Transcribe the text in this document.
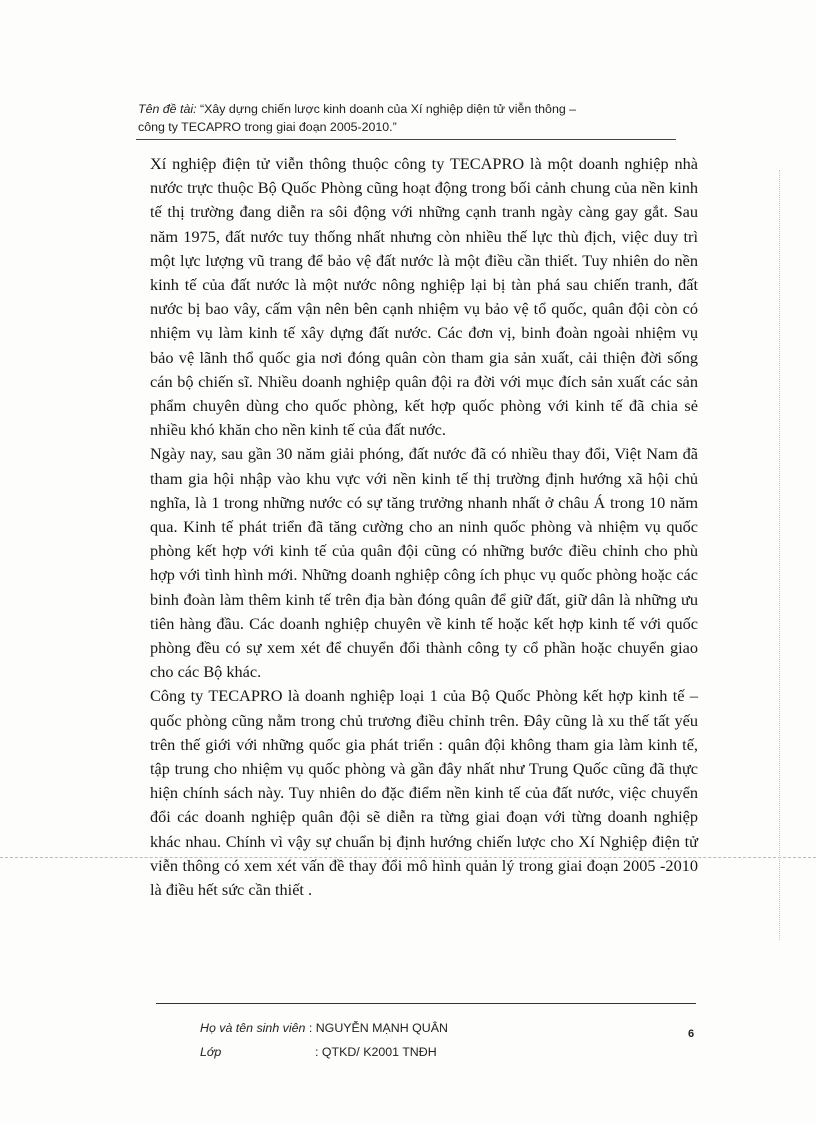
Tên đề tài: “Xây dựng chiến lược kinh doanh của Xí nghiệp diện tử viễn thông –
công ty TECAPRO trong giai đoạn 2005-2010.”

Xí nghiệp điện tử viễn thông thuộc công ty TECAPRO là một doanh nghiệp nhà nước trực thuộc Bộ Quốc Phòng cũng hoạt động trong bối cảnh chung của nền kinh tế thị trường đang diễn ra sôi động với những cạnh tranh ngày càng gay gắt. Sau năm 1975, đất nước tuy thống nhất nhưng còn nhiều thế lực thù địch, việc duy trì một lực lượng vũ trang để bảo vệ đất nước là một điều cần thiết. Tuy nhiên do nền kinh tế của đất nước là một nước nông nghiệp lại bị tàn phá sau chiến tranh, đất nước bị bao vây, cấm vận nên bên cạnh nhiệm vụ bảo vệ tổ quốc, quân đội còn có nhiệm vụ làm kinh tế xây dựng đất nước. Các đơn vị, binh đoàn ngoài nhiệm vụ bảo vệ lãnh thổ quốc gia nơi đóng quân còn tham gia sản xuất, cải thiện đời sống cán bộ chiến sĩ. Nhiều doanh nghiệp quân đội ra đời với mục đích sản xuất các sản phẩm chuyên dùng cho quốc phòng, kết hợp quốc phòng với kinh tế đã chia sẻ nhiều khó khăn cho nền kinh tế của đất nước.

Ngày nay, sau gần 30 năm giải phóng, đất nước đã có nhiều thay đổi, Việt Nam đã tham gia hội nhập vào khu vực với nền kinh tế thị trường định hướng xã hội chủ nghĩa, là 1 trong những nước có sự tăng trưởng nhanh nhất ở châu Á trong 10 năm qua. Kinh tế phát triển đã tăng cường cho an ninh quốc phòng và nhiệm vụ quốc phòng kết hợp với kinh tế của quân đội cũng có những bước điều chỉnh cho phù hợp với tình hình mới. Những doanh nghiệp công ích phục vụ quốc phòng hoặc các binh đoàn làm thêm kinh tế trên địa bàn đóng quân để giữ đất, giữ dân là những ưu tiên hàng đầu. Các doanh nghiệp chuyên về kinh tế hoặc kết hợp kinh tế với quốc phòng đều có sự xem xét để chuyển đổi thành công ty cổ phần hoặc chuyển giao cho các Bộ khác.

Công ty TECAPRO là doanh nghiệp loại 1 của Bộ Quốc Phòng kết hợp kinh tế – quốc phòng cũng nằm trong chủ trương điều chỉnh trên. Đây cũng là xu thế tất yếu trên thế giới với những quốc gia phát triển : quân đội không tham gia làm kinh tế, tập trung cho nhiệm vụ quốc phòng và gần đây nhất như Trung Quốc cũng đã thực hiện chính sách này. Tuy nhiên do đặc điểm nền kinh tế của đất nước, việc chuyển đổi các doanh nghiệp quân đội sẽ diễn ra từng giai đoạn với từng doanh nghiệp khác nhau. Chính vì vậy sự chuẩn bị định hướng chiến lược cho Xí Nghiệp điện tử viễn thông có xem xét vấn đề thay đổi mô hình quản lý trong giai đoạn 2005 -2010 là điều hết sức cần thiết .

Họ và tên sinh viên : NGUYỄN MẠNH QUÂN
Lớp	: QTKD/ K2001 TNĐH
6
